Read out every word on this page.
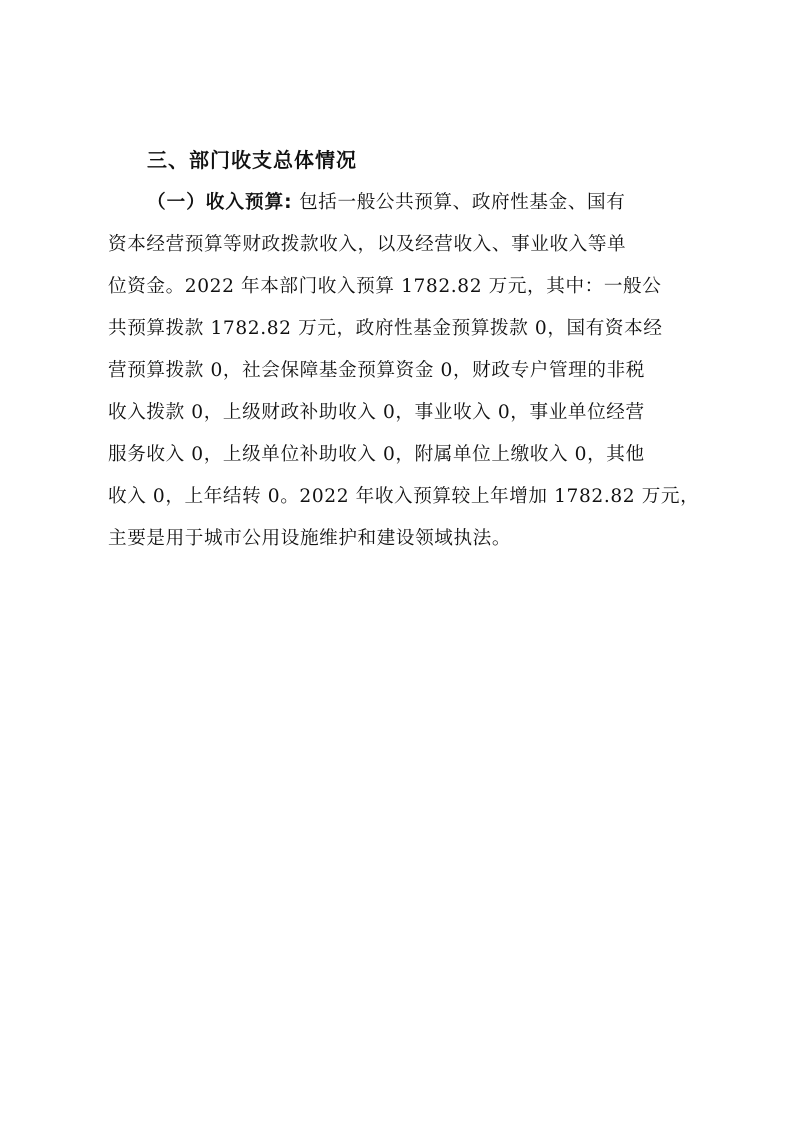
三、部门收支总体情况
（一）收入预算: 包括一般公共预算、政府性基金、国有
资本经营预算等财政拨款收入，以及经营收入、事业收入等单
位资金。2022 年本部门收入预算 1782.82 万元，其中：一般公
共预算拨款 1782.82 万元，政府性基金预算拨款 0，国有资本经
营预算拨款 0，社会保障基金预算资金 0，财政专户管理的非税
收入拨款 0，上级财政补助收入 0，事业收入 0，事业单位经营
服务收入 0，上级单位补助收入 0，附属单位上缴收入 0，其他
收入 0，上年结转 0。2022 年收入预算较上年增加 1782.82 万元，
主要是用于城市公用设施维护和建设领域执法。
